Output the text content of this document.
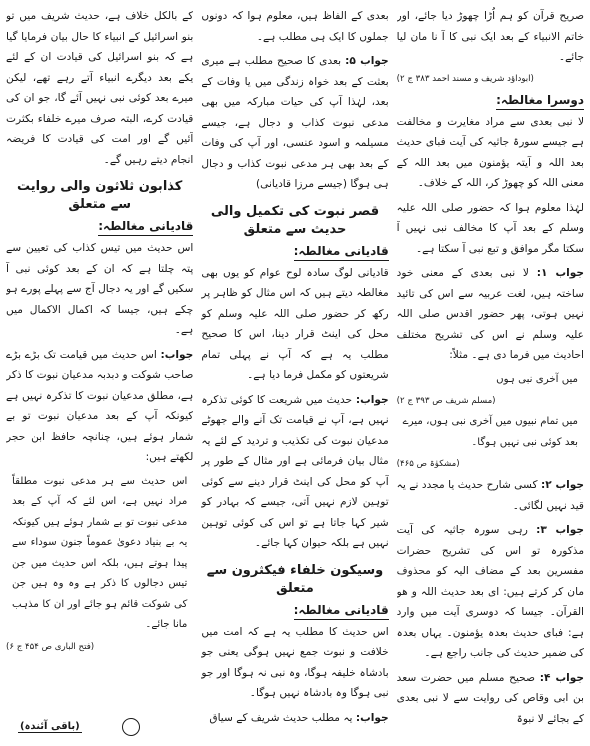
صریح قرآن کو ہم اُڑا چھوڑ دیا جائے، اور خاتم الانبیاء کے بعد ایک نبی کا آ نا مان لیا جائے۔

(ابوداؤد شریف و مسند احمد ۳۸۳ ج ۲)
دوسرا مغالطہ:

لا نبی بعدی سے مراد مغایرت و مخالفت ہے جیسے سورۃ جاثیہ کی آیت فبای حدیث بعد اللہ و آیتہ یؤمنون میں بعد اللہ کے معنی اللہ کو چھوڑ کر، اللہ کے خلاف۔

لہٰذا معلوم ہوا کہ حضور صلی اللہ علیہ وسلم کے بعد آپ کا مخالف نبی نہیں آ سکتا مگر موافق و تبع نبی آ سکتا ہے۔

جواب ۱: لا نبی بعدی کے معنی خود ساختہ ہیں، لغت عربیہ سے اس کی تائید نہیں ہوتی، پھر حضور اقدس صلی اللہ علیہ وسلم نے اس کی تشریح مختلف احادیث میں فرما دی ہے۔ مثلاً:

میں آخری نبی ہوں

(مسلم شریف ص ۳۹۳ ج ۲)

میں تمام نبیوں میں آخری نبی ہوں، میرے بعد کوئی نبی نہیں ہوگا۔

(مشکوٰۃ ص ۴۶۵)

جواب ۲: کسی شارح حدیث یا مجدد نے یہ قید نہیں لگائی۔

جواب ۳: رہی سورہ جاثیہ کی آیت مذکورہ تو اس کی تشریح حضرات مفسرین بعد کے مضاف الیہ کو محذوف مان کر کرتے ہیں: ای بعد حدیث اللہ و هو القرآن۔ جیسا کہ دوسری آیت میں وارد ہے: فبای حدیث بعدہ یؤمنون۔ یہاں بعدہ کی ضمیر حدیث کی جانب راجع ہے۔

جواب ۴: صحیح مسلم میں حضرت سعد بن ابی وقاص کی روایت سے لا نبی بعدی کے بجائے لا نبوۃ

بعدی کے الفاظ ہیں، معلوم ہوا کہ دونوں جملوں کا ایک ہی مطلب ہے۔

جواب ۵: بعدی کا صحیح مطلب ہے میری بعثت کے بعد خواہ زندگی میں یا وفات کے بعد، لہٰذا آپ کی حیات مبارکہ میں بھی مدعی نبوت کذاب و دجال ہے، جیسے مسیلمہ و اسود عنسی، اور آپ کی وفات کے بعد بھی ہر مدعی نبوت کذاب و دجال ہی ہوگا (جیسے مرزا قادیانی)

قصر نبوت کی تکمیل والی حدیث سے متعلق
قادیانی مغالطہ:

قادیانی لوگ سادہ لوح عوام کو یوں بھی مغالطہ دیتے ہیں کہ اس مثال کو ظاہر پر رکھ کر حضور صلی اللہ علیہ وسلم کو محل کی اینٹ قرار دینا، اس کا صحیح مطلب یہ ہے کہ آپ نے پہلی تمام شریعتوں کو مکمل فرما دیا ہے۔

جواب: حدیث میں شریعت کا کوئی تذکرہ نہیں ہے، آپ نے قیامت تک آنے والے جھوٹے مدعیان نبوت کی تکذیب و تردید کے لئے یہ مثال بیان فرمائی ہے اور مثال کے طور پر آپ کو محل کی اینٹ قرار دینے سے کوئی توہین لازم نہیں آتی، جیسے کہ بہادر کو شیر کہا جاتا ہے تو اس کی کوئی توہین نہیں ہے بلکہ حیوان کہا جائے۔

وسیکون خلفاء فیکثرون سے متعلق
قادیانی مغالطہ:

اس حدیث کا مطلب یہ ہے کہ امت میں خلافت و نبوت جمع نہیں ہوگی یعنی جو بادشاہ خلیفہ ہوگا، وہ نبی نہ ہوگا اور جو نبی ہوگا وہ بادشاہ نہیں ہوگا۔

جواب: یہ مطلب حدیث شریف کے سیاق

کے بالکل خلاف ہے، حدیث شریف میں تو بنو اسرائیل کے انبیاء کا حال بیان فرمایا گیا ہے کہ بنو اسرائیل کی قیادت ان کے لئے یکے بعد دیگرے انبیاء آتے رہے تھے، لیکن میرے بعد کوئی نبی نہیں آئے گا، جو ان کی قیادت کرے، البتہ صرف میرے خلفاء بکثرت آئیں گے اور امت کی قیادت کا فریضہ انجام دیتے رہیں گے۔

کذابون ثلاثون والی روایت سے متعلق
قادیانی مغالطہ:

اس حدیث میں تیس کذاب کی تعیین سے پتہ چلتا ہے کہ ان کے بعد کوئی نبی آ سکیں گے اور یہ دجال آج سے پہلے پورے ہو چکے ہیں، جیسا کہ اکمال الاکمال میں ہے۔

جواب: اس حدیث میں قیامت تک بڑے بڑے صاحب شوکت و دبدبہ مدعیان نبوت کا ذکر ہے، مطلق مدعیان نبوت کا تذکرہ نہیں ہے کیونکہ آپ کے بعد مدعیان نبوت تو بے شمار ہوئے ہیں، چنانچہ حافظ ابن حجر لکھتے ہیں:

اس حدیث سے ہر مدعی نبوت مطلقاً مراد نہیں ہے، اس لئے کہ آپ کے بعد مدعی نبوت تو بے شمار ہوئے ہیں کیونکہ یہ بے بنیاد دعویٰ عموماً جنون سوداء سے پیدا ہوتے ہیں، بلکہ اس حدیث میں جن تیس دجالوں کا ذکر ہے وہ وہ ہیں جن کی شوکت قائم ہو جائے اور ان کا مذہب مانا جائے۔

(فتح الباری ص ۴۵۴ ج ۶)
(باقی آئندہ)
